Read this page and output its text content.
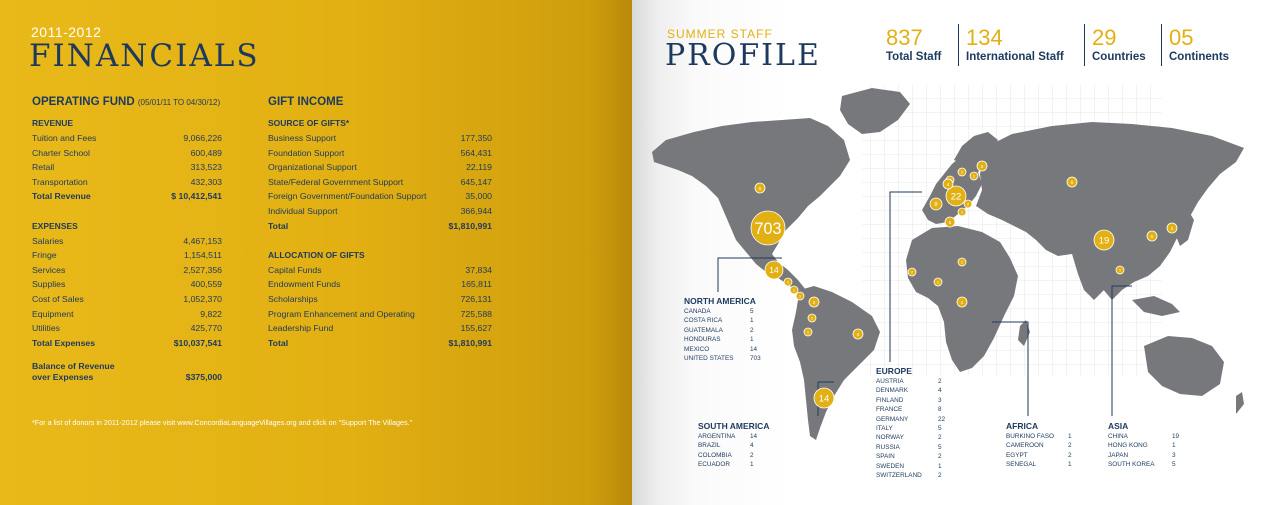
2011-2012
FINANCIALS
OPERATING FUND (05/01/11 TO 04/30/12)
REVENUE
Tuition and Fees	9,066,226
Charter School	600,489
Retail	313,523
Transportation	432,303
Total Revenue	$ 10,412,541
EXPENSES
Salaries	4,467,153
Fringe	1,154,511
Services	2,527,356
Supplies	400,559
Cost of Sales	1,052,370
Equipment	9,822
Utilities	425,770
Total Expenses	$10,037,541
Balance of Revenue
over Expenses	$375,000
GIFT INCOME
SOURCE OF GIFTS*
Business Support	177,350
Foundation Support	564,431
Organizational Support	22,119
State/Federal Government Support	645,147
Foreign Government/Foundation Support	35,000
Individual Support	366,944
Total	$1,810,991
ALLOCATION OF GIFTS
Capital Funds	37,834
Endowment Funds	165,811
Scholarships	726,131
Program Enhancement and Operating	725,588
Leadership Fund	155,627
Total	$1,810,991
*For a list of donors in 2011-2012 please visit www.ConcordiaLanguageVillages.org and click on "Support The Villages."
SUMMER STAFF
PROFILE
837
Total Staff
134
International Staff
29
Countries
05
Continents
5
703
14
1
1
1
2
2
1
4
14
2
1
1
2
8
22
3
5
2
4
2
2
1
5
19
3
5
1
NORTH AMERICA
CANADA	5
COSTA RICA	1
GUATEMALA	2
HONDURAS	1
MEXICO	14
UNITED STATES	703
SOUTH AMERICA
ARGENTINA	14
BRAZIL	4
COLOMBIA	2
ECUADOR	1
EUROPE
AUSTRIA	2
DENMARK	4
FINLAND	3
FRANCE	8
GERMANY	22
ITALY	5
NORWAY	2
RUSSIA	5
SPAIN	2
SWEDEN	1
SWITZERLAND	2
AFRICA
BURKINO FASO	1
CAMEROON	2
EGYPT	2
SENEGAL	1
ASIA
CHINA	19
HONG KONG	1
JAPAN	3
SOUTH KOREA	5
